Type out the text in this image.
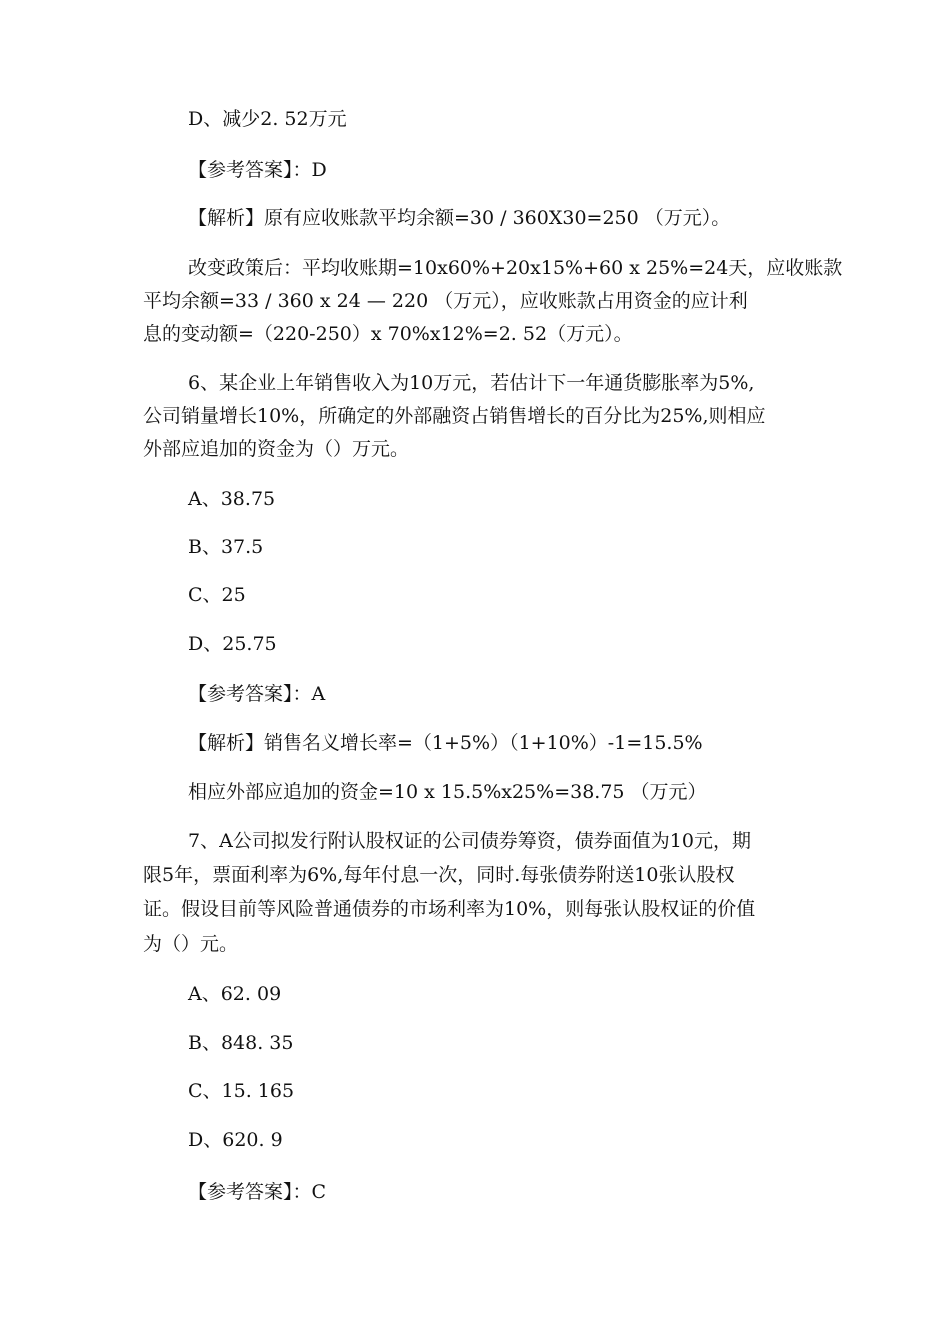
D、减少2. 52万元
【参考答案】：D
【解析】原有应收账款平均余额=30 / 360X30=250 （万元）。
改变政策后：平均收账期=10x60%+20x15%+60 x 25%=24天，应收账款
平均余额=33 / 360 x 24 — 220 （万元），应收账款占用资金的应计利
息的变动额=（220-250）x 70%x12%=2. 52（万元）。
6、某企业上年销售收入为10万元，若估计下一年通货膨胀率为5%,
公司销量增长10%，所确定的外部融资占销售增长的百分比为25%,则相应
外部应追加的资金为（）万元。
A、38.75
B、37.5
C、25
D、25.75
【参考答案】：A
【解析】销售名义增长率=（1+5%）（1+10%）-1=15.5%
相应外部应追加的资金=10 x 15.5%x25%=38.75 （万元）
7、A公司拟发行附认股权证的公司债券筹资，债券面值为10元，期
限5年，票面利率为6%,每年付息一次，同时.每张债券附送10张认股权
证。假设目前等风险普通债券的市场利率为10%，则每张认股权证的价值
为（）元。
A、62. 09
B、848. 35
C、15. 165
D、620. 9
【参考答案】：C
